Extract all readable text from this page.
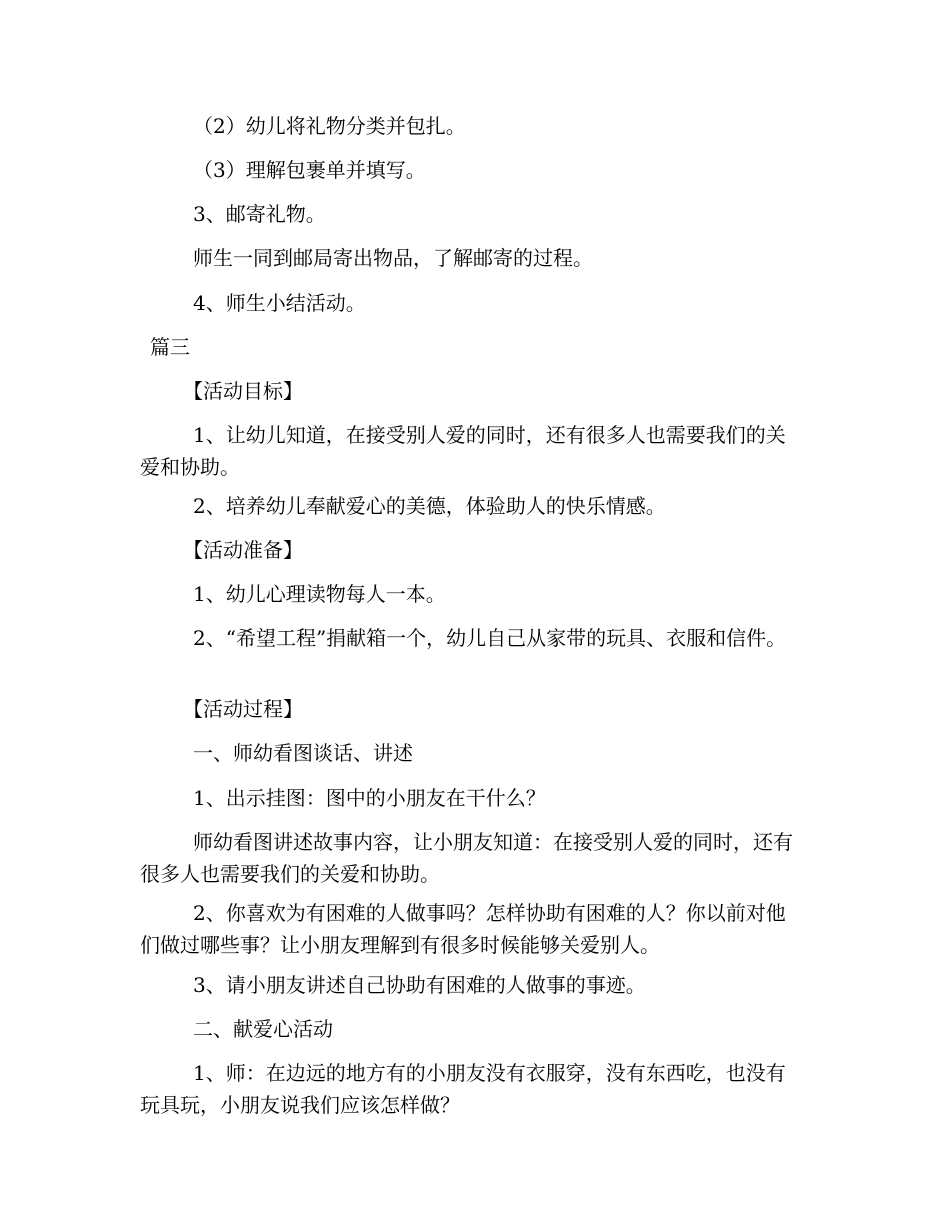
（2）幼儿将礼物分类并包扎。

（3）理解包裹单并填写。

3、邮寄礼物。

师生一同到邮局寄出物品，了解邮寄的过程。

4、师生小结活动。

篇三

【活动目标】

1、让幼儿知道，在接受别人爱的同时，还有很多人也需要我们的关爱和协助。

2、培养幼儿奉献爱心的美德，体验助人的快乐情感。

【活动准备】

1、幼儿心理读物每人一本。

2、“希望工程”捐献箱一个，幼儿自己从家带的玩具、衣服和信件。

【活动过程】

一、师幼看图谈话、讲述

1、出示挂图：图中的小朋友在干什么？

师幼看图讲述故事内容，让小朋友知道：在接受别人爱的同时，还有很多人也需要我们的关爱和协助。

2、你喜欢为有困难的人做事吗？怎样协助有困难的人？你以前对他们做过哪些事？让小朋友理解到有很多时候能够关爱别人。

3、请小朋友讲述自己协助有困难的人做事的事迹。

二、献爱心活动

1、师：在边远的地方有的小朋友没有衣服穿，没有东西吃，也没有玩具玩，小朋友说我们应该怎样做？
